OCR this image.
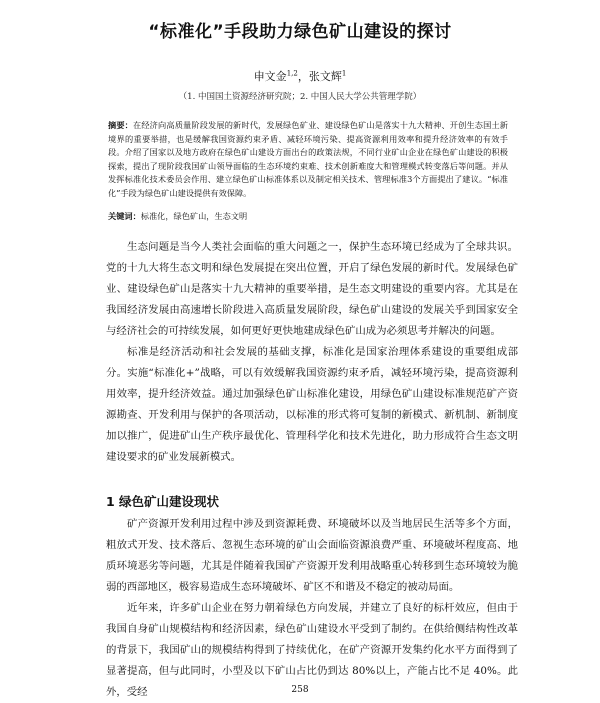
“标准化”手段助力绿色矿山建设的探讨
申文金$^{1,2}$，张文辉$^1$
（1. 中国国土资源经济研究院；2. 中国人民大学公共管理学院）
摘要：在经济向高质量阶段发展的新时代，发展绿色矿业、建设绿色矿山是落实十九大精神、开创生态国土新境界的重要举措，也是缓解我国资源约束矛盾、减轻环境污染、提高资源利用效率和提升经济效率的有效手段。介绍了国家以及地方政府在绿色矿山建设方面出台的政策法规，不同行业矿山企业在绿色矿山建设的积极探索，提出了现阶段我国矿山领导面临的生态环境约束难、技术创新难度大和管理模式转变落后等问题。并从发挥标准化技术委员会作用、建立绿色矿山标准体系以及制定相关技术、管理标准3个方面提出了建议。“标准化”手段为绿色矿山建设提供有效保障。
关键词：标准化，绿色矿山，生态文明

生态问题是当今人类社会面临的重大问题之一，保护生态环境已经成为了全球共识。党的十九大将生态文明和绿色发展提在突出位置，开启了绿色发展的新时代。发展绿色矿业、建设绿色矿山是落实十九大精神的重要举措，是生态文明建设的重要内容。尤其是在我国经济发展由高速增长阶段进入高质量发展阶段，绿色矿山建设的发展关乎到国家安全与经济社会的可持续发展，如何更好更快地建成绿色矿山成为必须思考并解决的问题。

标准是经济活动和社会发展的基础支撑，标准化是国家治理体系建设的重要组成部分。实施“标准化+”战略，可以有效缓解我国资源约束矛盾，减轻环境污染，提高资源利用效率，提升经济效益。通过加强绿色矿山标准化建设，用绿色矿山建设标准规范矿产资源勘查、开发利用与保护的各项活动，以标准的形式将可复制的新模式、新机制、新制度加以推广，促进矿山生产秩序最优化、管理科学化和技术先进化，助力形成符合生态文明建设要求的矿业发展新模式。

1 绿色矿山建设现状

矿产资源开发利用过程中涉及到资源耗费、环境破坏以及当地居民生活等多个方面，粗放式开发、技术落后、忽视生态环境的矿山会面临资源浪费严重、环境破坏程度高、地质环境恶劣等问题，尤其是伴随着我国矿产资源开发利用战略重心转移到生态环境较为脆弱的西部地区，极容易造成生态环境破坏、矿区不和谐及不稳定的被动局面。

近年来，许多矿山企业在努力朝着绿色方向发展，并建立了良好的标杆效应，但由于我国自身矿山规模结构和经济因素，绿色矿山建设水平受到了制约。在供给侧结构性改革的背景下，我国矿山的规模结构得到了持续优化，在矿产资源开发集约化水平方面得到了显著提高，但与此同时，小型及以下矿山占比仍到达 80%以上，产能占比不足 40%。此外，受经	258
